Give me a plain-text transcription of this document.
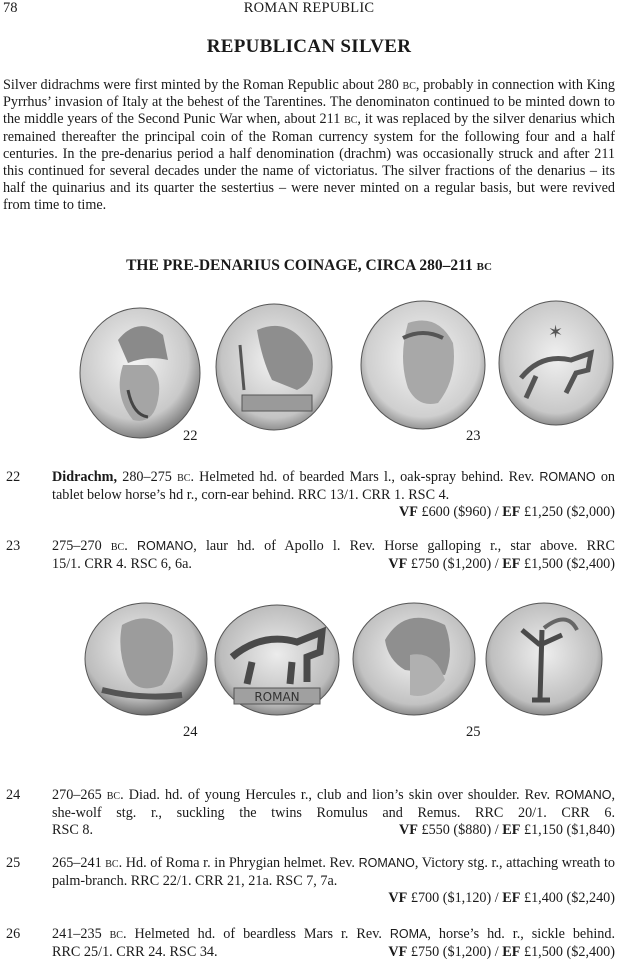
78	ROMAN REPUBLIC
REPUBLICAN SILVER

Silver didrachms were first minted by the Roman Republic about 280 bc, probably in connection with King Pyrrhus’ invasion of Italy at the behest of the Tarentines. The denominaton continued to be minted down to the middle years of the Second Punic War when, about 211 bc, it was replaced by the silver denarius which remained thereafter the principal coin of the Roman currency system for the following four and a half centuries. In the pre-denarius period a half denomination (drachm) was occasionally struck and after 211 this continued for several decades under the name of victoriatus. The silver fractions of the denarius – its half the quinarius and its quarter the sestertius – were never minted on a regular basis, but were revived from time to time.

THE PRE-DENARIUS COINAGE, CIRCA 280–211 bc
✶
22	23
22 Didrachm, 280–275 bc. Helmeted hd. of bearded Mars l., oak-spray behind. Rev. ROMANO on tablet below horse’s hd r., corn-ear behind. RRC 13/1. CRR 1. RSC 4.
VF £600 ($960) / EF £1,250 ($2,000)
23 275–270 bc. ROMANO, laur hd. of Apollo l. Rev. Horse galloping r., star above. RRC
15/1. CRR 4. RSC 6, 6a.	VF £750 ($1,200) / EF £1,500 ($2,400)
ROMAN
24	25
24 270–265 bc. Diad. hd. of young Hercules r., club and lion’s skin over shoulder. Rev. ROMANO, she-wolf stg. r., suckling the twins Romulus and Remus. RRC 20/1. CRR 6.
RSC 8.	VF £550 ($880) / EF £1,150 ($1,840)
25 265–241 bc. Hd. of Roma r. in Phrygian helmet. Rev. ROMANO, Victory stg. r., attaching wreath to palm-branch. RRC 22/1. CRR 21, 21a. RSC 7, 7a.
VF £700 ($1,120) / EF £1,400 ($2,240)
26 241–235 bc. Helmeted hd. of beardless Mars r. Rev. ROMA, horse’s hd. r., sickle behind.
RRC 25/1. CRR 24. RSC 34.	VF £750 ($1,200) / EF £1,500 ($2,400)
